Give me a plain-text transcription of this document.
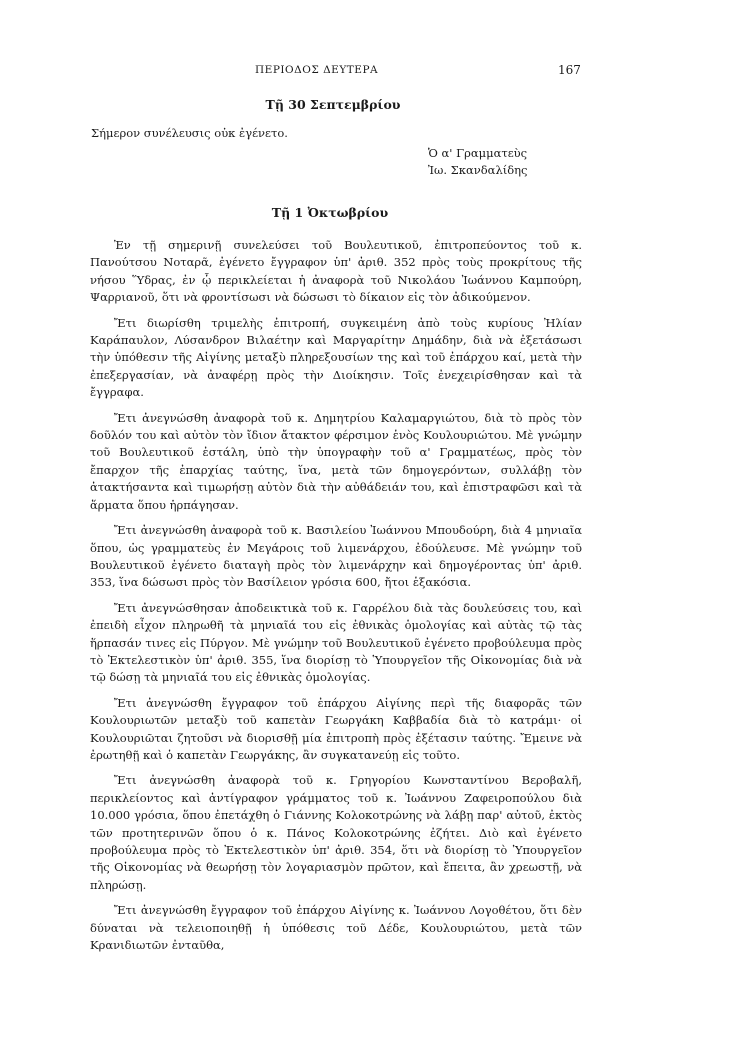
ΠΕΡΙΟΔΟΣ ΔΕΥΤΕΡΑ	167
Τῇ 30 Σεπτεμβρίου
Σήμερον συνέλευσις οὐκ ἐγένετο.
Ὁ α' Γραμματεὺς
Ἰω. Σκανδαλίδης
Τῇ 1 Ὀκτωβρίου

Ἐν τῇ σημερινῇ συνελεύσει τοῦ Βουλευτικοῦ, ἐπιτροπεύοντος τοῦ κ. Πανούτσου Νοταρᾶ, ἐγένετο ἔγγραφον ὑπ' ἀριθ. 352 πρὸς τοὺς προκρίτους τῆς νήσου Ὕδρας, ἐν ᾧ περικλείεται ἡ ἀναφορὰ τοῦ Νικολάου Ἰωάννου Καμπούρη, Ψαρριανοῦ, ὅτι νὰ φροντίσωσι νὰ δώσωσι τὸ δίκαιον εἰς τὸν ἀδικούμενον.

Ἔτι διωρίσθη τριμελὴς ἐπιτροπή, συγκειμένη ἀπὸ τοὺς κυρίους Ἠλίαν Καράπαυλον, Λύσανδρον Βιλαέτην καὶ Μαργαρίτην Δημάδην, διὰ νὰ ἐξετάσωσι τὴν ὑπόθεσιν τῆς Αἰγίνης μεταξὺ πληρεξουσίων της καὶ τοῦ ἐπάρχου καί, μετὰ τὴν ἐπεξεργασίαν, νὰ ἀναφέρῃ πρὸς τὴν Διοίκησιν. Τοῖς ἐνεχειρίσθησαν καὶ τὰ ἔγγραφα.

Ἔτι ἀνεγνώσθη ἀναφορὰ τοῦ κ. Δημητρίου Καλαμαργιώτου, διὰ τὸ πρὸς τὸν δοῦλόν του καὶ αὐτὸν τὸν ἴδιον ἄτακτον φέρσιμον ἑνὸς Κουλουριώτου. Μὲ γνώμην τοῦ Βουλευτικοῦ ἐστάλη, ὑπὸ τὴν ὑπογραφὴν τοῦ α' Γραμματέως, πρὸς τὸν ἔπαρχον τῆς ἐπαρχίας ταύτης, ἵνα, μετὰ τῶν δημογερόντων, συλλάβῃ τὸν ἀτακτήσαντα καὶ τιμωρήσῃ αὐτὸν διὰ τὴν αὐθάδειάν του, καὶ ἐπιστραφῶσι καὶ τὰ ἅρματα ὅπου ἡρπάγησαν.

Ἔτι ἀνεγνώσθη ἀναφορὰ τοῦ κ. Βασιλείου Ἰωάννου Μπουδούρη, διὰ 4 μηνιαῖα ὅπου, ὡς γραμματεὺς ἐν Μεγάροις τοῦ λιμενάρχου, ἐδούλευσε. Μὲ γνώμην τοῦ Βουλευτικοῦ ἐγένετο διαταγὴ πρὸς τὸν λιμενάρχην καὶ δημογέροντας ὑπ' ἀριθ. 353, ἵνα δώσωσι πρὸς τὸν Βασίλειον γρόσια 600, ἤτοι ἑξακόσια.

Ἔτι ἀνεγνώσθησαν ἀποδεικτικὰ τοῦ κ. Γαρρέλου διὰ τὰς δουλεύσεις του, καὶ ἐπειδὴ εἶχον πληρωθῆ τὰ μηνιαῖά του εἰς ἐθνικὰς ὁμολογίας καὶ αὐτὰς τῷ τὰς ἥρπασάν τινες εἰς Πύργον. Μὲ γνώμην τοῦ Βουλευτικοῦ ἐγένετο προβούλευμα πρὸς τὸ Ἐκτελεστικὸν ὑπ' ἀριθ. 355, ἵνα διορίσῃ τὸ Ὑπουργεῖον τῆς Οἰκονομίας διὰ νὰ τῷ δώσῃ τὰ μηνιαῖά του εἰς ἐθνικὰς ὁμολογίας.

Ἔτι ἀνεγνώσθη ἔγγραφον τοῦ ἐπάρχου Αἰγίνης περὶ τῆς διαφορᾶς τῶν Κουλουριωτῶν μεταξὺ τοῦ καπετὰν Γεωργάκη Καββαδία διὰ τὸ κατράμι· οἱ Κουλουριῶται ζητοῦσι νὰ διορισθῇ μία ἐπιτροπὴ πρὸς ἐξέτασιν ταύτης. Ἔμεινε νὰ ἐρωτηθῇ καὶ ὁ καπετὰν Γεωργάκης, ἂν συγκατανεύῃ εἰς τοῦτο.

Ἔτι ἀνεγνώσθη ἀναφορὰ τοῦ κ. Γρηγορίου Κωνσταντίνου Βεροβαλῆ, περικλείοντος καὶ ἀντίγραφον γράμματος τοῦ κ. Ἰωάννου Ζαφειροπούλου διὰ 10.000 γρόσια, ὅπου ἐπετάχθη ὁ Γιάννης Κολοκοτρώνης νὰ λάβῃ παρ' αὐτοῦ, ἐκτὸς τῶν προτητερινῶν ὅπου ὁ κ. Πάνος Κολοκοτρώνης ἐζήτει. Διὸ καὶ ἐγένετο προβούλευμα πρὸς τὸ Ἐκτελεστικὸν ὑπ' ἀριθ. 354, ὅτι νὰ διορίσῃ τὸ Ὑπουργεῖον τῆς Οἰκονομίας νὰ θεωρήσῃ τὸν λογαριασμὸν πρῶτον, καὶ ἔπειτα, ἂν χρεωστῇ, νὰ πληρώσῃ.

Ἔτι ἀνεγνώσθη ἔγγραφον τοῦ ἐπάρχου Αἰγίνης κ. Ἰωάννου Λογοθέτου, ὅτι δὲν δύναται νὰ τελειοποιηθῇ ἡ ὑπόθεσις τοῦ Δέδε, Κουλουριώτου, μετὰ τῶν Κρανιδιωτῶν ἐνταῦθα,
